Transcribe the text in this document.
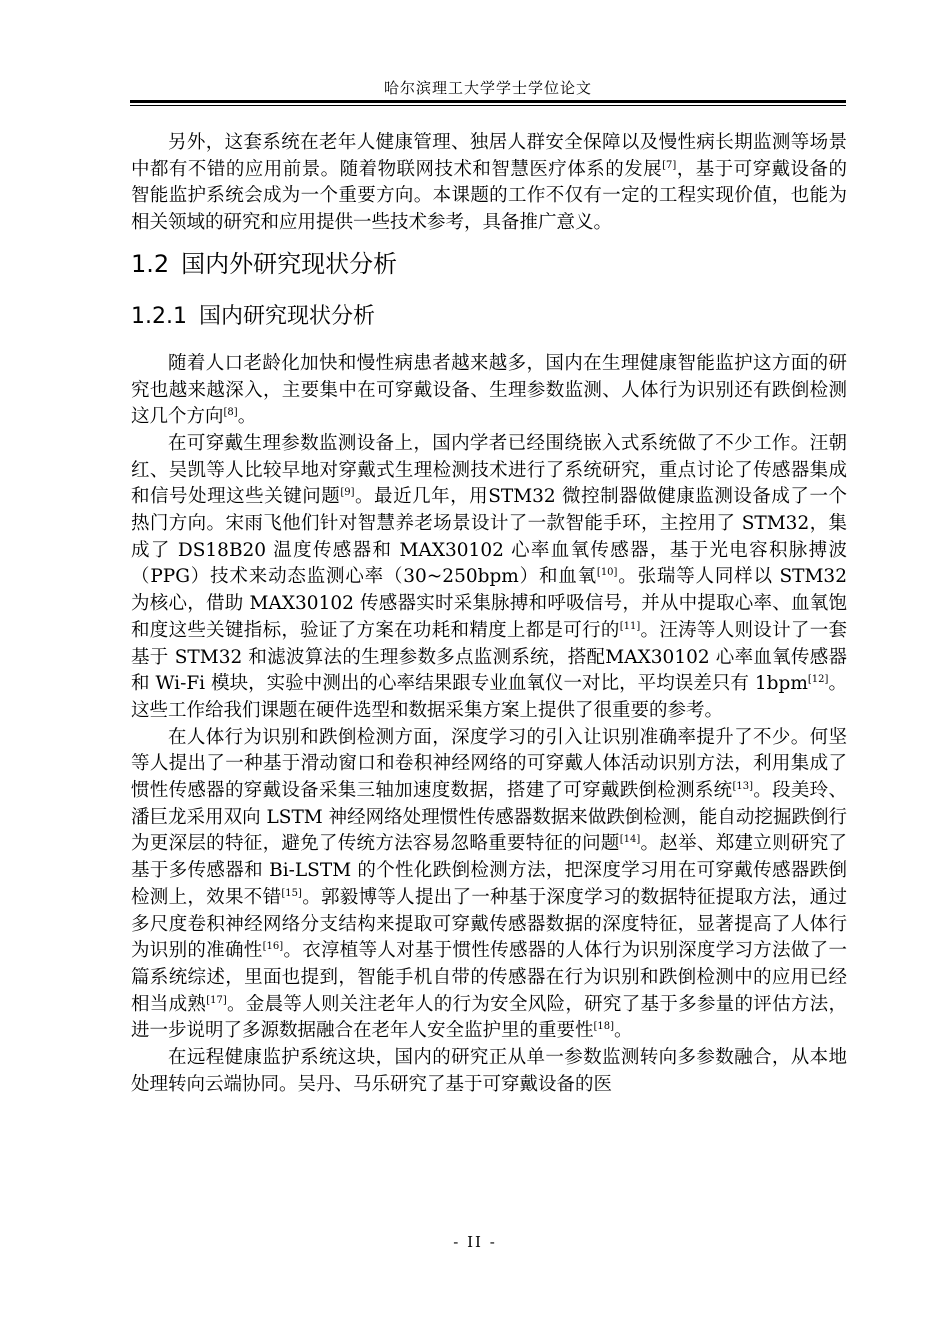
哈尔滨理工大学学士学位论文

另外，这套系统在老年人健康管理、独居人群安全保障以及慢性病长期监测等场景中都有不错的应用前景。随着物联网技术和智慧医疗体系的发展[7]，基于可穿戴设备的智能监护系统会成为一个重要方向。本课题的工作不仅有一定的工程实现价值，也能为相关领域的研究和应用提供一些技术参考，具备推广意义。

1.2 国内外研究现状分析
1.2.1 国内研究现状分析

随着人口老龄化加快和慢性病患者越来越多，国内在生理健康智能监护这方面的研究也越来越深入，主要集中在可穿戴设备、生理参数监测、人体行为识别还有跌倒检测这几个方向[8]。

在可穿戴生理参数监测设备上，国内学者已经围绕嵌入式系统做了不少工作。汪朝红、吴凯等人比较早地对穿戴式生理检测技术进行了系统研究，重点讨论了传感器集成和信号处理这些关键问题[9]。最近几年，用STM32 微控制器做健康监测设备成了一个热门方向。宋雨飞他们针对智慧养老场景设计了一款智能手环，主控用了 STM32，集成了 DS18B20 温度传感器和 MAX30102 心率血氧传感器，基于光电容积脉搏波（PPG）技术来动态监测心率（30~250bpm）和血氧[10]。张瑞等人同样以 STM32 为核心，借助 MAX30102 传感器实时采集脉搏和呼吸信号，并从中提取心率、血氧饱和度这些关键指标，验证了方案在功耗和精度上都是可行的[11]。汪涛等人则设计了一套基于 STM32 和滤波算法的生理参数多点监测系统，搭配MAX30102 心率血氧传感器和 Wi-Fi 模块，实验中测出的心率结果跟专业血氧仪一对比，平均误差只有 1bpm[12]。这些工作给我们课题在硬件选型和数据采集方案上提供了很重要的参考。

在人体行为识别和跌倒检测方面，深度学习的引入让识别准确率提升了不少。何坚等人提出了一种基于滑动窗口和卷积神经网络的可穿戴人体活动识别方法，利用集成了惯性传感器的穿戴设备采集三轴加速度数据，搭建了可穿戴跌倒检测系统[13]。段美玲、潘巨龙采用双向 LSTM 神经网络处理惯性传感器数据来做跌倒检测，能自动挖掘跌倒行为更深层的特征，避免了传统方法容易忽略重要特征的问题[14]。赵举、郑建立则研究了基于多传感器和 Bi-LSTM 的个性化跌倒检测方法，把深度学习用在可穿戴传感器跌倒检测上，效果不错[15]。郭毅博等人提出了一种基于深度学习的数据特征提取方法，通过多尺度卷积神经网络分支结构来提取可穿戴传感器数据的深度特征，显著提高了人体行为识别的准确性[16]。衣淳植等人对基于惯性传感器的人体行为识别深度学习方法做了一篇系统综述，里面也提到，智能手机自带的传感器在行为识别和跌倒检测中的应用已经相当成熟[17]。金晨等人则关注老年人的行为安全风险，研究了基于多参量的评估方法，进一步说明了多源数据融合在老年人安全监护里的重要性[18]。

在远程健康监护系统这块，国内的研究正从单一参数监测转向多参数融合，从本地处理转向云端协同。吴丹、马乐研究了基于可穿戴设备的医

- II -
